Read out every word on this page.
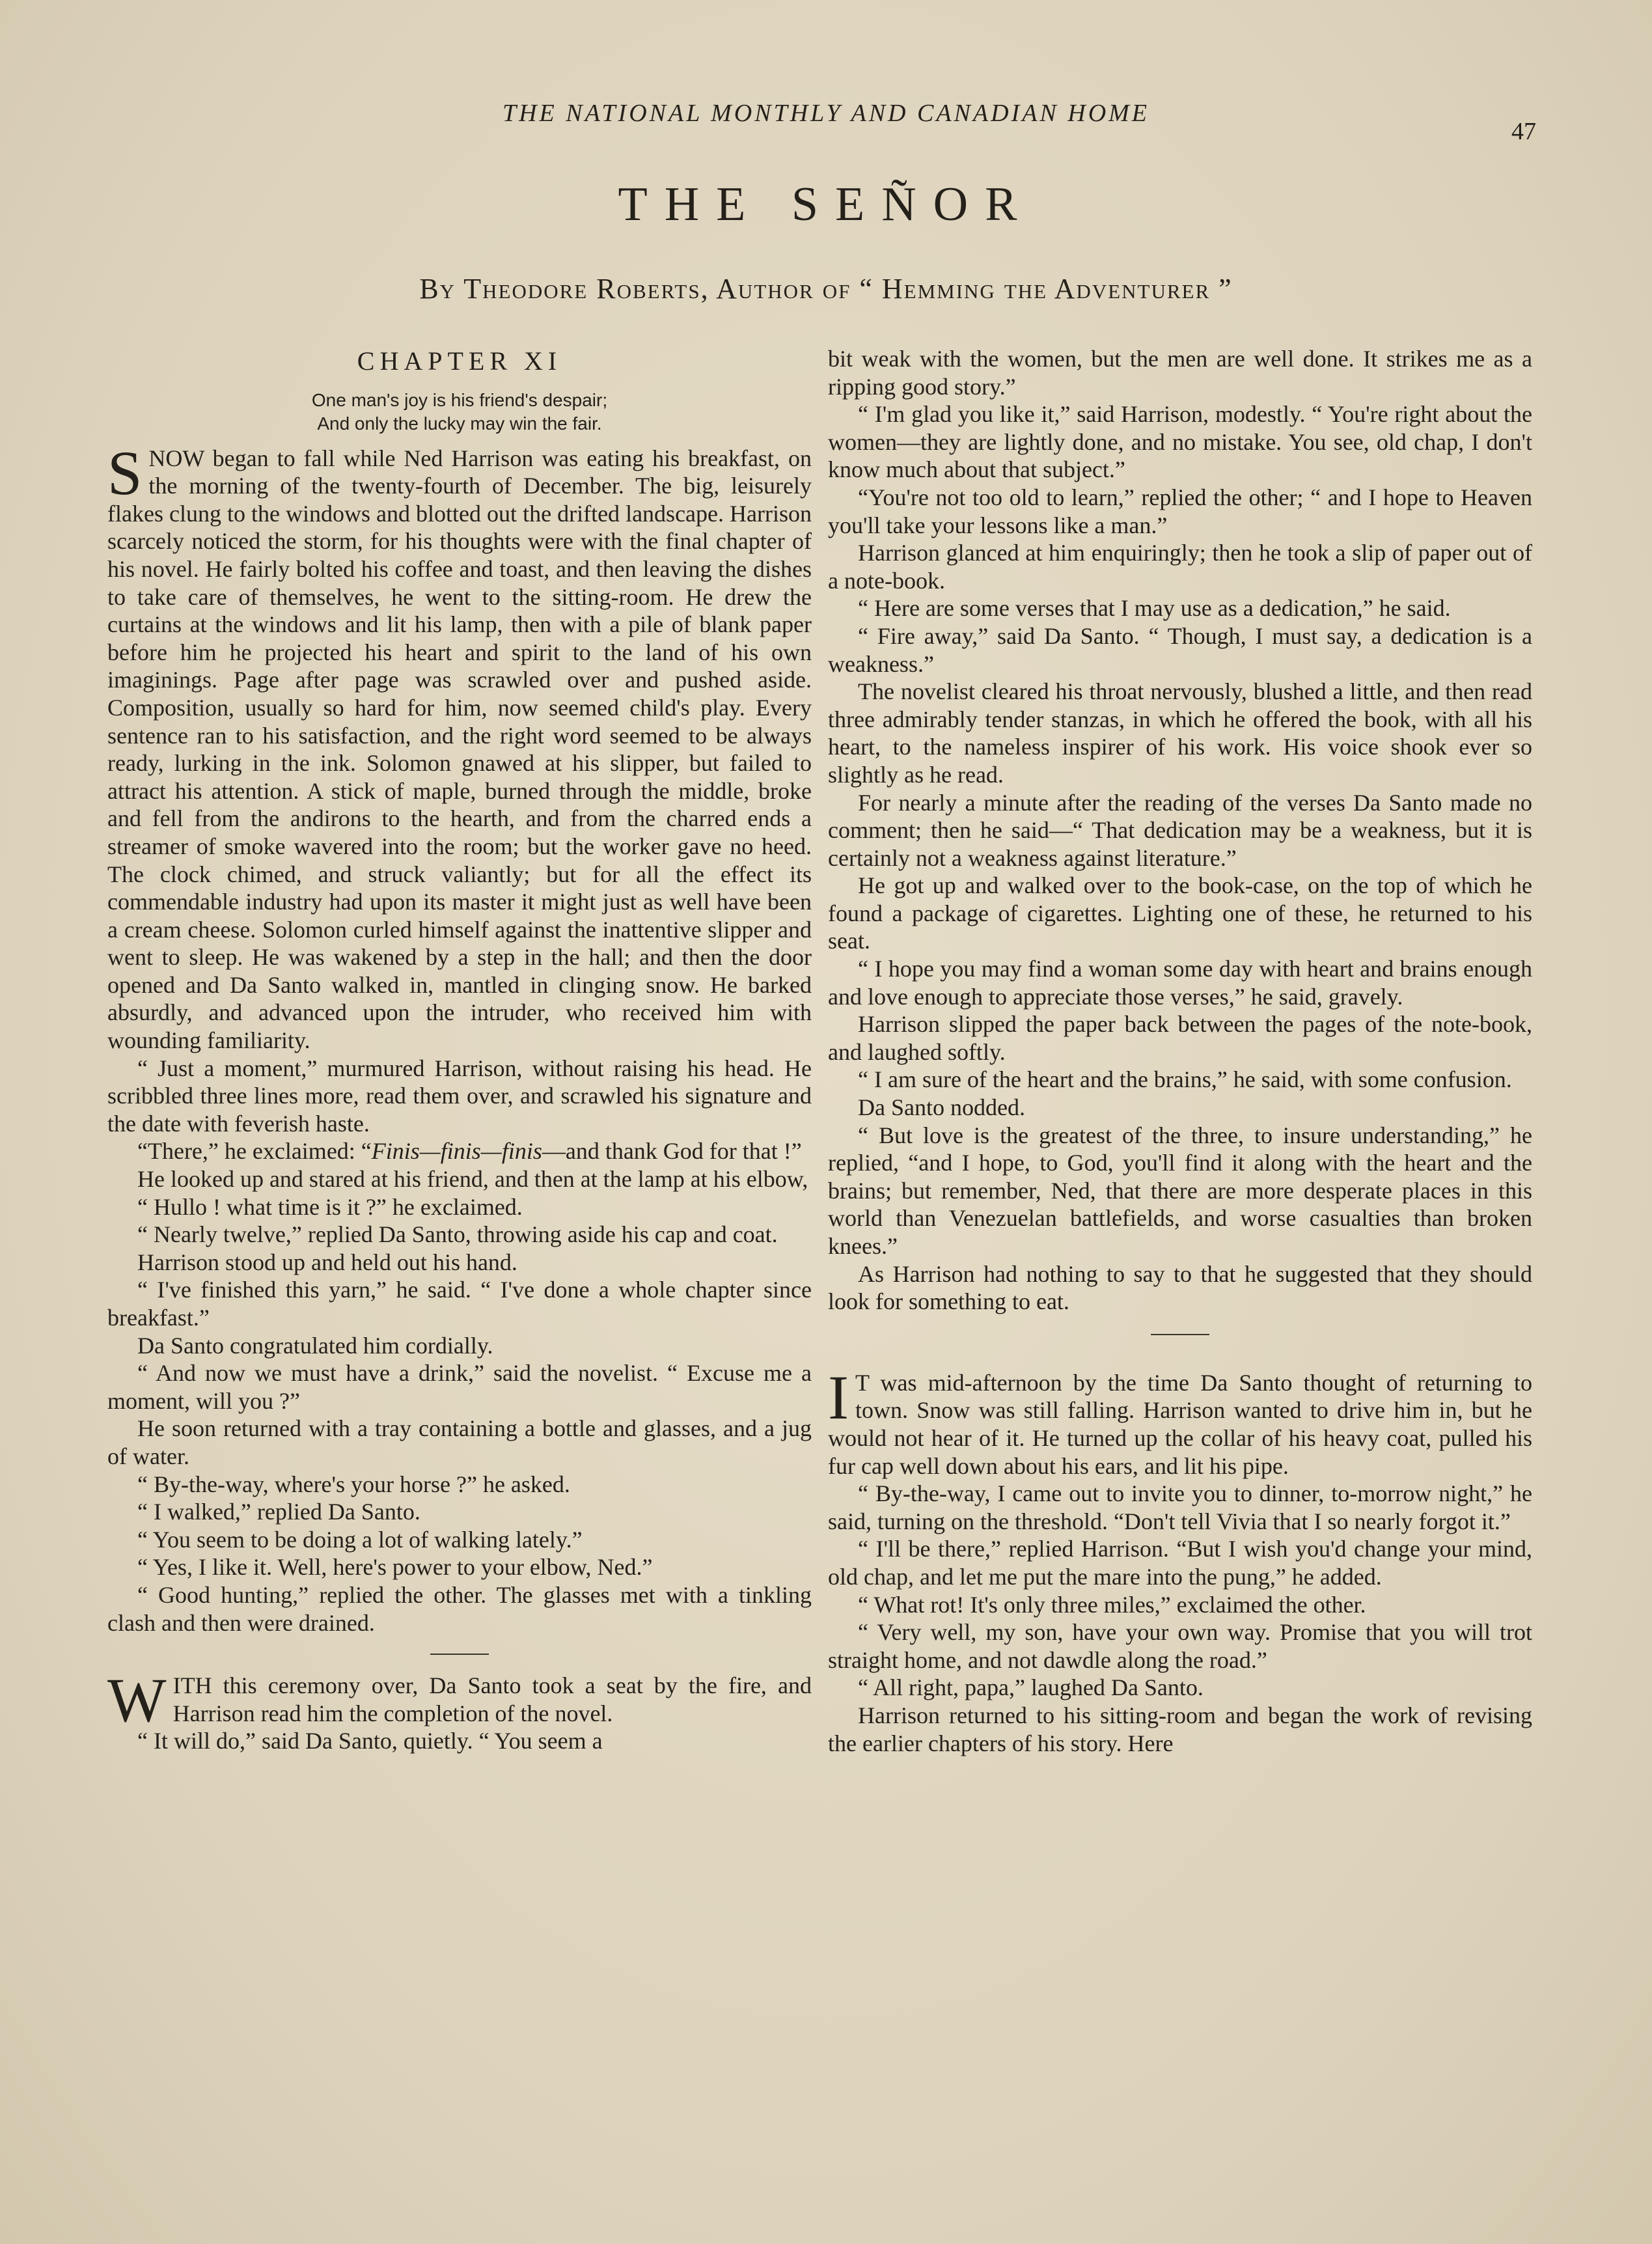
THE NATIONAL MONTHLY AND CANADIAN HOME
47
THE SEÑOR
By Theodore Roberts, Author of “ Hemming the Adventurer ”
CHAPTER XI
One man's joy is his friend's despair;
And only the lucky may win the fair.

SNOW began to fall while Ned Harrison was eating his breakfast, on the morning of the twenty-fourth of December. The big, leisurely flakes clung to the windows and blotted out the drifted landscape. Harrison scarcely noticed the storm, for his thoughts were with the final chapter of his novel. He fairly bolted his coffee and toast, and then leaving the dishes to take care of themselves, he went to the sitting-room. He drew the curtains at the windows and lit his lamp, then with a pile of blank paper before him he projected his heart and spirit to the land of his own imaginings. Page after page was scrawled over and pushed aside. Composition, usually so hard for him, now seemed child's play. Every sentence ran to his satisfaction, and the right word seemed to be always ready, lurking in the ink. Solomon gnawed at his slipper, but failed to attract his attention. A stick of maple, burned through the middle, broke and fell from the andirons to the hearth, and from the charred ends a streamer of smoke wavered into the room; but the worker gave no heed. The clock chimed, and struck valiantly; but for all the effect its commendable industry had upon its master it might just as well have been a cream cheese. Solomon curled himself against the inattentive slipper and went to sleep. He was wakened by a step in the hall; and then the door opened and Da Santo walked in, mantled in clinging snow. He barked absurdly, and advanced upon the intruder, who received him with wounding familiarity.

“ Just a moment,” murmured Harrison, without raising his head. He scribbled three lines more, read them over, and scrawled his signature and the date with feverish haste.

“There,” he exclaimed: “Finis—finis—finis—and thank God for that !”

He looked up and stared at his friend, and then at the lamp at his elbow,

“ Hullo ! what time is it ?” he exclaimed.

“ Nearly twelve,” replied Da Santo, throwing aside his cap and coat.

Harrison stood up and held out his hand.

“ I've finished this yarn,” he said. “ I've done a whole chapter since breakfast.”

Da Santo congratulated him cordially.

“ And now we must have a drink,” said the novelist. “ Excuse me a moment, will you ?”

He soon returned with a tray containing a bottle and glasses, and a jug of water.

“ By-the-way, where's your horse ?” he asked.

“ I walked,” replied Da Santo.

“ You seem to be doing a lot of walking lately.”

“ Yes, I like it. Well, here's power to your elbow, Ned.”

“ Good hunting,” replied the other. The glasses met with a tinkling clash and then were drained.

WITH this ceremony over, Da Santo took a seat by the fire, and Harrison read him the completion of the novel.

“ It will do,” said Da Santo, quietly. “ You seem a

bit weak with the women, but the men are well done. It strikes me as a ripping good story.”

“ I'm glad you like it,” said Harrison, modestly. “ You're right about the women—they are lightly done, and no mistake. You see, old chap, I don't know much about that subject.”

“You're not too old to learn,” replied the other; “ and I hope to Heaven you'll take your lessons like a man.”

Harrison glanced at him enquiringly; then he took a slip of paper out of a note-book.

“ Here are some verses that I may use as a dedication,” he said.

“ Fire away,” said Da Santo. “ Though, I must say, a dedication is a weakness.”

The novelist cleared his throat nervously, blushed a little, and then read three admirably tender stanzas, in which he offered the book, with all his heart, to the nameless inspirer of his work. His voice shook ever so slightly as he read.

For nearly a minute after the reading of the verses Da Santo made no comment; then he said—“ That dedication may be a weakness, but it is certainly not a weakness against literature.”

He got up and walked over to the book-case, on the top of which he found a package of cigarettes. Lighting one of these, he returned to his seat.

“ I hope you may find a woman some day with heart and brains enough and love enough to appreciate those verses,” he said, gravely.

Harrison slipped the paper back between the pages of the note-book, and laughed softly.

“ I am sure of the heart and the brains,” he said, with some confusion.

Da Santo nodded.

“ But love is the greatest of the three, to insure understanding,” he replied, “and I hope, to God, you'll find it along with the heart and the brains; but remember, Ned, that there are more desperate places in this world than Venezuelan battlefields, and worse casualties than broken knees.”

As Harrison had nothing to say to that he suggested that they should look for something to eat.

I T was mid-afternoon by the time Da Santo thought of returning to town. Snow was still falling. Harrison wanted to drive him in, but he would not hear of it. He turned up the collar of his heavy coat, pulled his fur cap well down about his ears, and lit his pipe.

“ By-the-way, I came out to invite you to dinner, to-morrow night,” he said, turning on the threshold. “Don't tell Vivia that I so nearly forgot it.”

“ I'll be there,” replied Harrison. “But I wish you'd change your mind, old chap, and let me put the mare into the pung,” he added.

“ What rot! It's only three miles,” exclaimed the other.

“ Very well, my son, have your own way. Promise that you will trot straight home, and not dawdle along the road.”

“ All right, papa,” laughed Da Santo.

Harrison returned to his sitting-room and began the work of revising the earlier chapters of his story. Here
